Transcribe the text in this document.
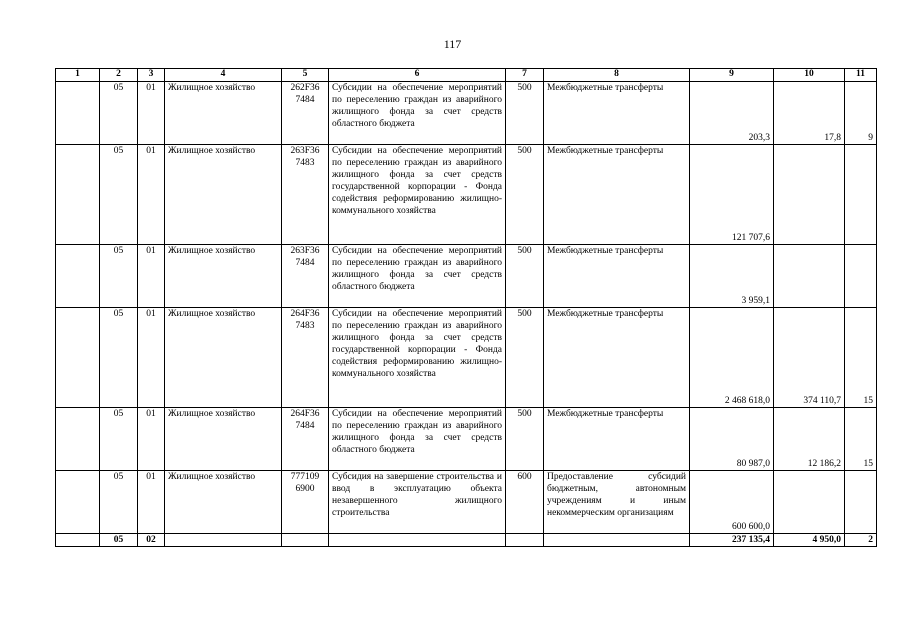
117
1	2	3	4	5	6	7	8	9	10	11
	05	01	Жилищное хозяйство	262F36 7484	Субсидии на обеспечение мероприятий по переселению граждан из аварийного жилищного фонда за счет средств областного бюджета	500	Межбюджетные трансферты	203,3	17,8	9
	05	01	Жилищное хозяйство	263F36 7483	Субсидии на обеспечение мероприятий по переселению граждан из аварийного жилищного фонда за счет средств государственной корпорации - Фонда содействия реформированию жилищно-коммунального хозяйства	500	Межбюджетные трансферты	121 707,6		
	05	01	Жилищное хозяйство	263F36 7484	Субсидии на обеспечение мероприятий по переселению граждан из аварийного жилищного фонда за счет средств областного бюджета	500	Межбюджетные трансферты	3 959,1		
	05	01	Жилищное хозяйство	264F36 7483	Субсидии на обеспечение мероприятий по переселению граждан из аварийного жилищного фонда за счет средств государственной корпорации - Фонда содействия реформированию жилищно-коммунального хозяйства	500	Межбюджетные трансферты	2 468 618,0	374 110,7	15
	05	01	Жилищное хозяйство	264F36 7484	Субсидии на обеспечение мероприятий по переселению граждан из аварийного жилищного фонда за счет средств областного бюджета	500	Межбюджетные трансферты	80 987,0	12 186,2	15
	05	01	Жилищное хозяйство	777109 6900	Субсидия на завершение строительства и ввод в эксплуатацию объекта незавершенного жилищного строительства	600	Предоставление субсидий бюджетным, автономным учреждениям и иным некоммерческим организациям	600 600,0		
	05	02						237 135,4	4 950,0	2
